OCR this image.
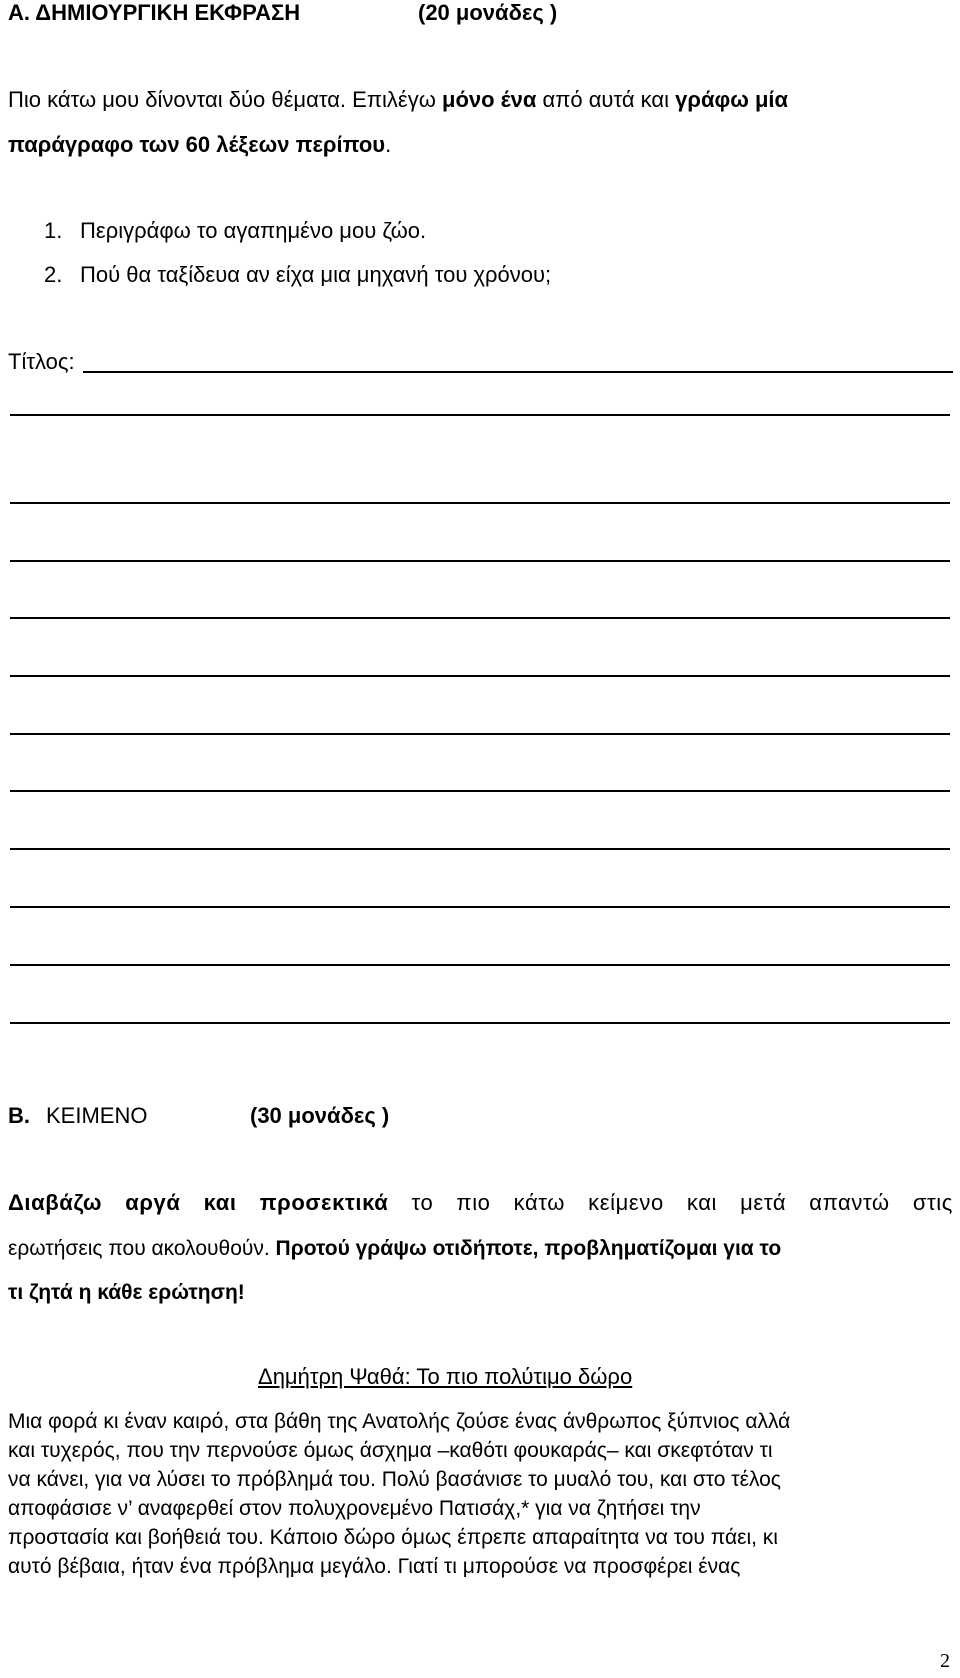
Α. ΔΗΜΙΟΥΡΓΙΚΗ ΕΚΦΡΑΣΗ	(20 μονάδες )
Πιο κάτω μου δίνονται δύο θέματα. Επιλέγω μόνο ένα από αυτά και γράφω μία
παράγραφο των 60 λέξεων περίπου.
1. Περιγράφω το αγαπημένο μου ζώο.
2. Πού θα ταξίδευα αν είχα μια μηχανή του χρόνου;
Τίτλος:
Β. ΚΕΙΜΕΝΟ	(30 μονάδες )
Διαβάζω αργά και προσεκτικά το πιο κάτω κείμενο και μετά απαντώ στις
ερωτήσεις που ακολουθούν. Προτού γράψω οτιδήποτε, προβληματίζομαι για το
τι ζητά η κάθε ερώτηση!
Δημήτρη Ψαθά: Το πιο πολύτιμο δώρο
Μια φορά κι έναν καιρό, στα βάθη της Ανατολής ζούσε ένας άνθρωπος ξύπνιος αλλά
και τυχερός, που την περνούσε όμως άσχημα –καθότι φουκαράς– και σκεφτόταν τι
να κάνει, για να λύσει το πρόβλημά του. Πολύ βασάνισε το μυαλό του, και στο τέλος
αποφάσισε ν’ αναφερθεί στον πολυχρονεμένο Πατισάχ,* για να ζητήσει την
προστασία και βοήθειά του. Κάποιο δώρο όμως έπρεπε απαραίτητα να του πάει, κι
αυτό βέβαια, ήταν ένα πρόβλημα μεγάλο. Γιατί τι μπορούσε να προσφέρει ένας
2
